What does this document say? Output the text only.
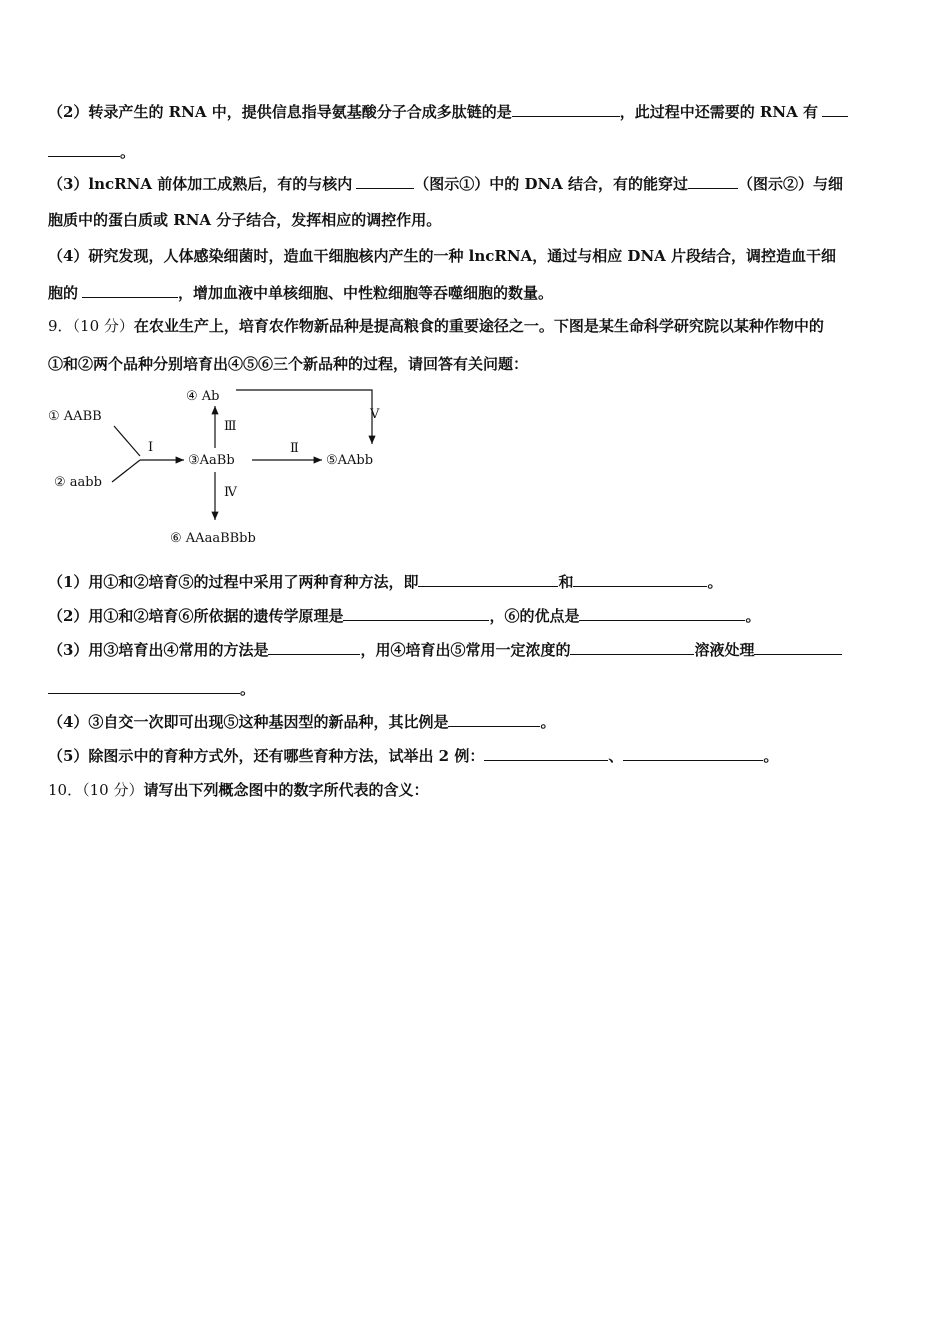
（2）转录产生的 RNA 中，提供信息指导氨基酸分子合成多肽链的是	，此过程中还需要的 RNA 有
。
（3）lncRNA 前体加工成熟后，有的与核内	（图示①）中的 DNA 结合，有的能穿过	（图示②）与细
胞质中的蛋白质或 RNA 分子结合，发挥相应的调控作用。
（4）研究发现，人体感染细菌时，造血干细胞核内产生的一种 lncRNA，通过与相应 DNA 片段结合，调控造血干细
胞的	，增加血液中单核细胞、中性粒细胞等吞噬细胞的数量。
9．（10 分）在农业生产上，培育农作物新品种是提高粮食的重要途径之一。下图是某生命科学研究院以某种作物中的
①和②两个品种分别培育出④⑤⑥三个新品种的过程，请回答有关问题：
① AABB
② aabb
③AaBb
④ Ab
⑤AAbb
⑥ AAaaBBbb
Ⅰ	Ⅱ
Ⅲ
Ⅳ
Ⅴ
（1）用①和②培育⑤的过程中采用了两种育种方法，即	和	。
（2）用①和②培育⑥所依据的遗传学原理是	，⑥的优点是	。
（3）用③培育出④常用的方法是	，用④培育出⑤常用一定浓度的	溶液处理
。
（4）③自交一次即可出现⑤这种基因型的新品种，其比例是	。
（5）除图示中的育种方式外，还有哪些育种方法，试举出 2 例：	、	。
10．（10 分）请写出下列概念图中的数字所代表的含义：
